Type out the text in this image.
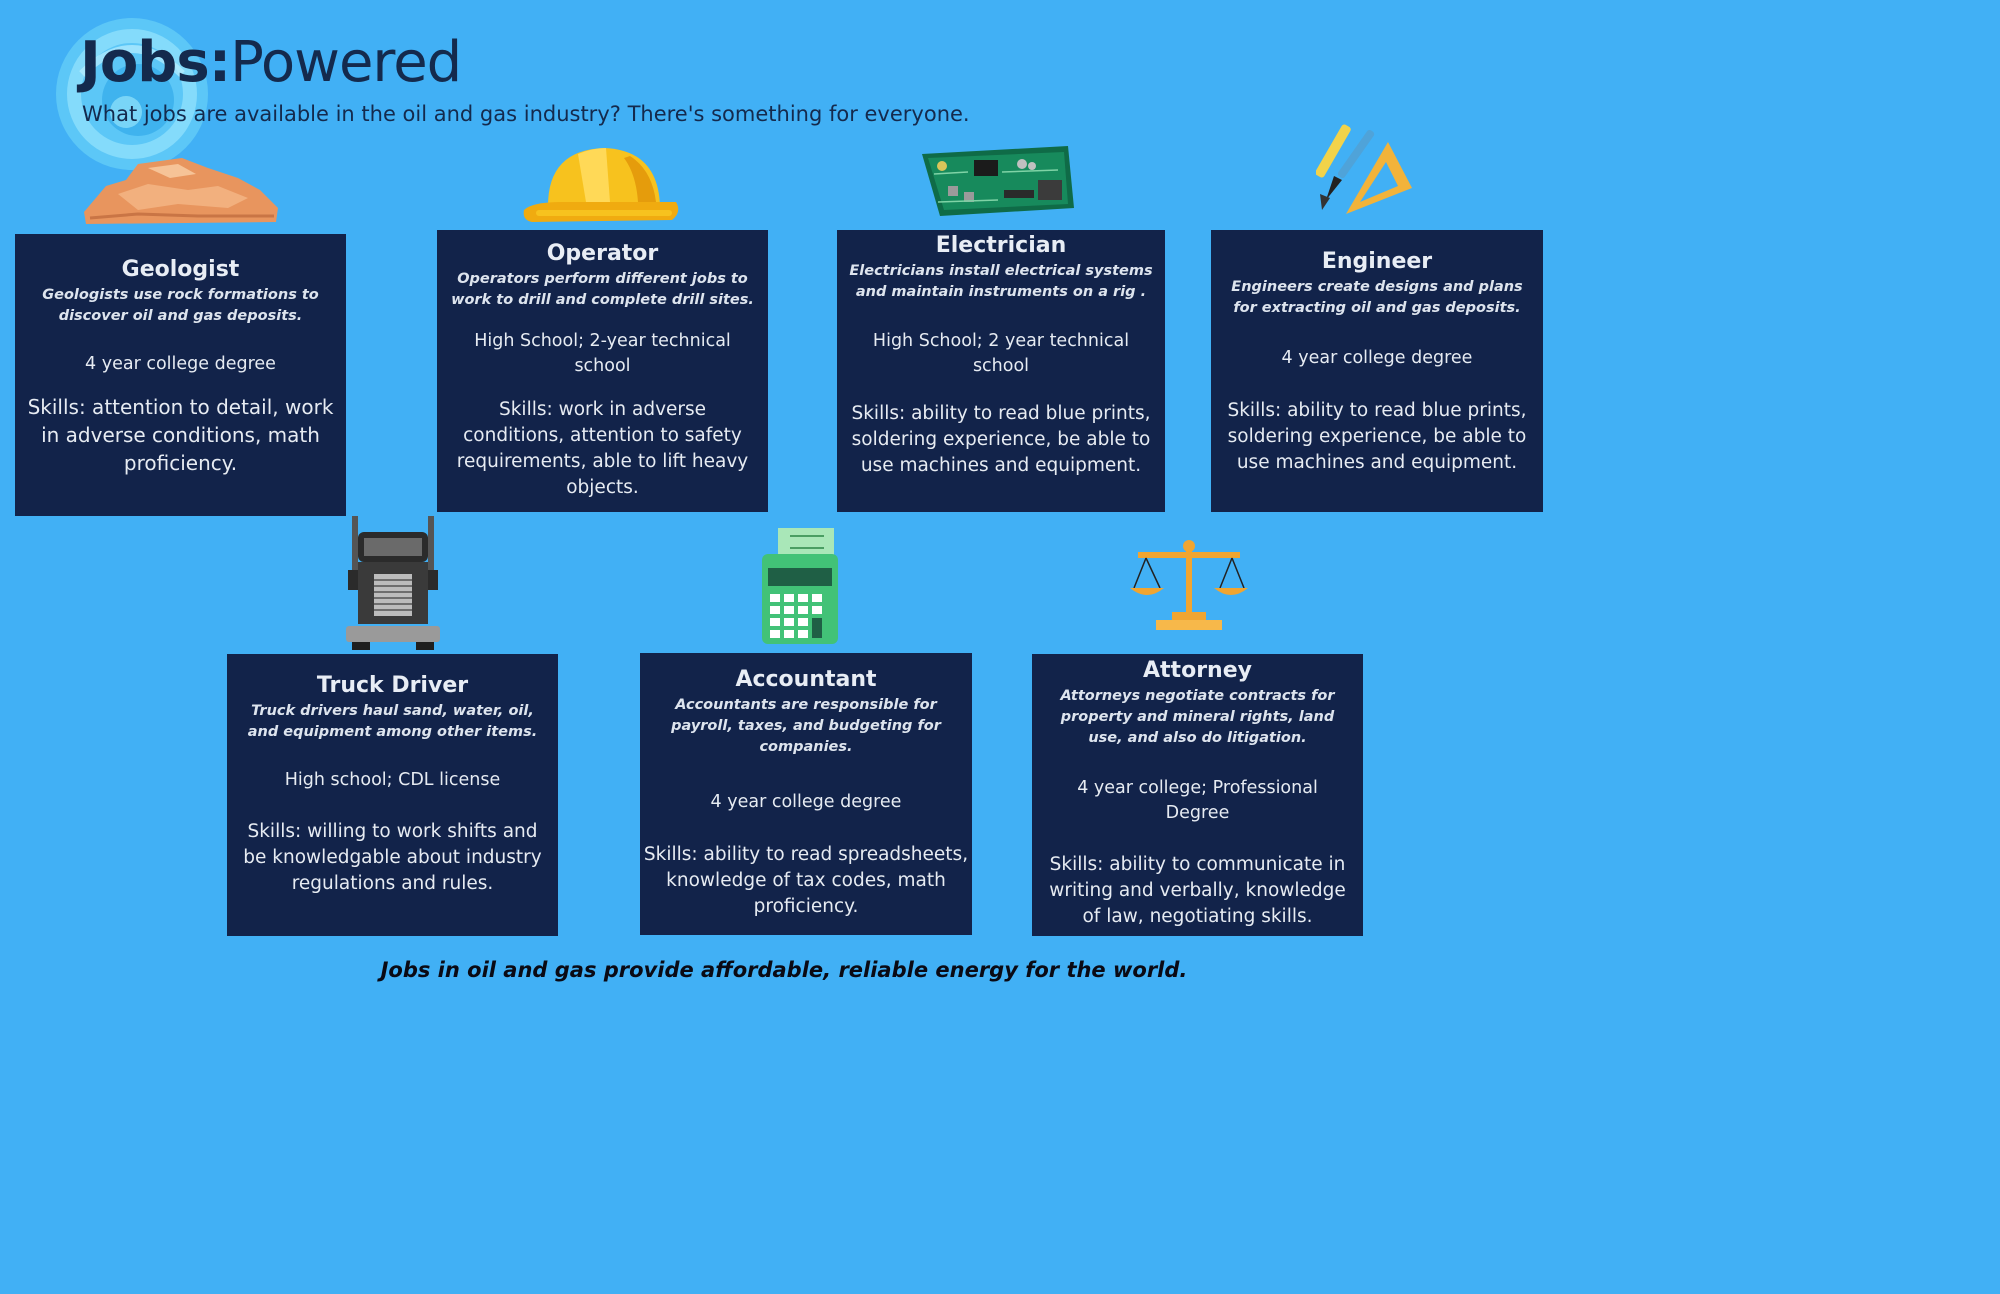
Jobs:Powered

What jobs are available in the oil and gas industry? There's something for everyone.

Geologist

Geologists use rock formations to discover oil and gas deposits.

4 year college degree

Skills: attention to detail, work in adverse conditions, math proficiency.

Operator

Operators perform different jobs to work to drill and complete drill sites.

High School; 2-year technical school

Skills: work in adverse conditions, attention to safety requirements, able to lift heavy objects.

Electrician

Electricians install electrical systems and maintain instruments on a rig .

High School; 2 year technical school

Skills: ability to read blue prints, soldering experience, be able to use machines and equipment.

Engineer

Engineers create designs and plans for extracting oil and gas deposits.

4 year college degree

Skills: ability to read blue prints, soldering experience, be able to use machines and equipment.

Truck Driver

Truck drivers haul sand, water, oil, and equipment among other items.

High school; CDL license

Skills: willing to work shifts and be knowledgable about industry regulations and rules.

Accountant

Accountants are responsible for payroll, taxes, and budgeting for companies.

4 year college degree

Skills: ability to read spreadsheets, knowledge of tax codes, math proficiency.

Attorney

Attorneys negotiate contracts for property and mineral rights, land use, and also do litigation.

4 year college; Professional Degree

Skills: ability to communicate in writing and verbally, knowledge of law, negotiating skills.

Jobs in oil and gas provide affordable, reliable energy for the world.
